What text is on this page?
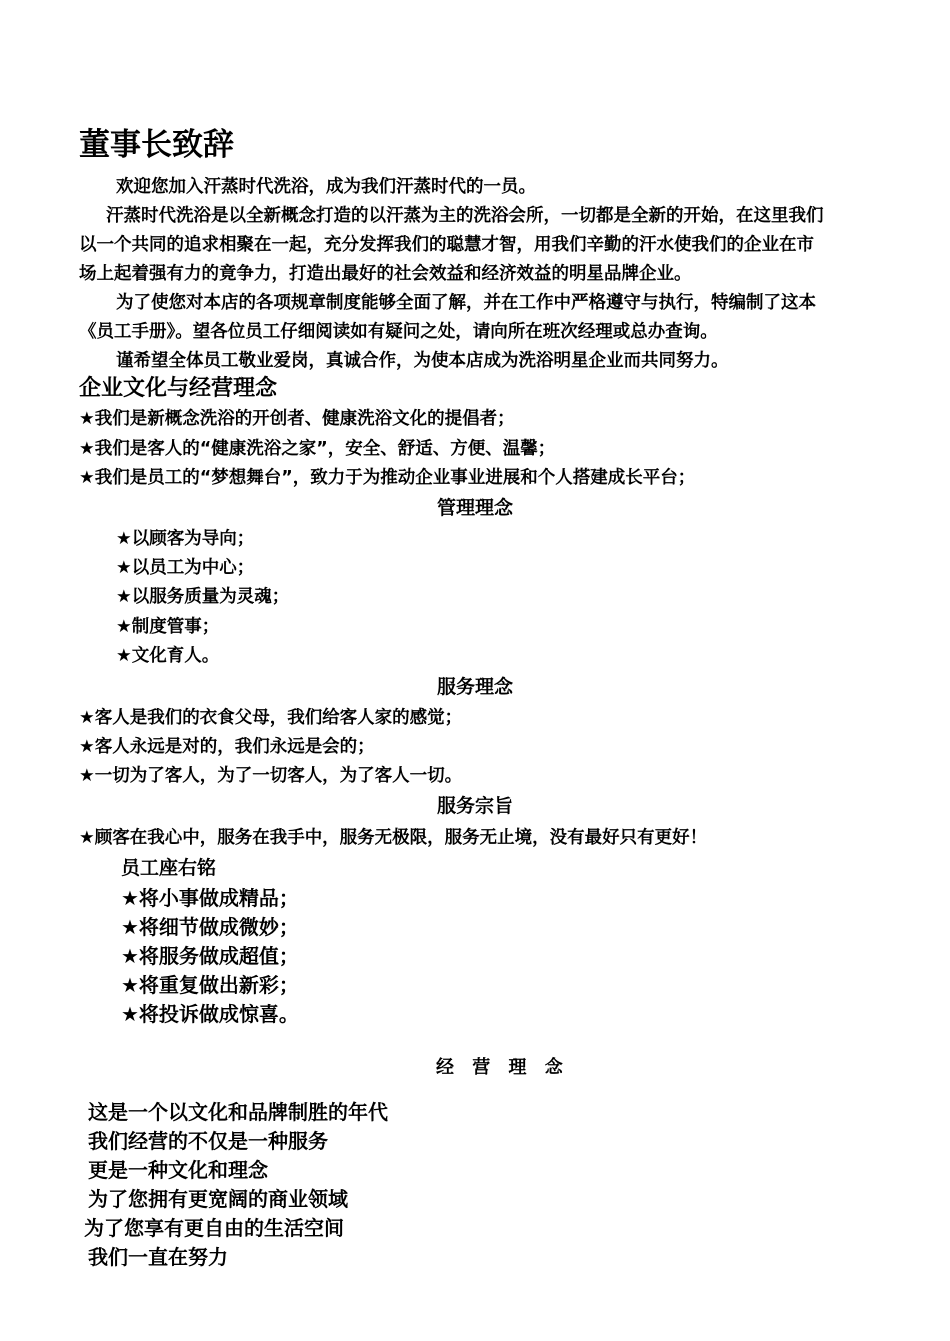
董事长致辞
欢迎您加入汗蒸时代洗浴，成为我们汗蒸时代的一员。
汗蒸时代洗浴是以全新概念打造的以汗蒸为主的洗浴会所，一切都是全新的开始，在这里我们
以一个共同的追求相聚在一起，充分发挥我们的聪慧才智，用我们辛勤的汗水使我们的企业在市
场上起着强有力的竟争力，打造出最好的社会效益和经济效益的明星品牌企业。
为了使您对本店的各项规章制度能够全面了解，并在工作中严格遵守与执行，特编制了这本
《员工手册》。望各位员工仔细阅读如有疑问之处，请向所在班次经理或总办查询。
谨希望全体员工敬业爱岗，真诚合作，为使本店成为洗浴明星企业而共同努力。
企业文化与经营理念
★我们是新概念洗浴的开创者、健康洗浴文化的提倡者；
★我们是客人的“健康洗浴之家”，安全、舒适、方便、温馨；
★我们是员工的“梦想舞台”，致力于为推动企业事业进展和个人搭建成长平台；
管理理念
★以顾客为导向；
★以员工为中心；
★以服务质量为灵魂；
★制度管事；
★文化育人。
服务理念
★客人是我们的衣食父母，我们给客人家的感觉；
★客人永远是对的，我们永远是会的；
★一切为了客人，为了一切客人，为了客人一切。
服务宗旨
★顾客在我心中，服务在我手中，服务无极限，服务无止境，没有最好只有更好！
员工座右铭
★将小事做成精品；
★将细节做成微妙；
★将服务做成超值；
★将重复做出新彩；
★将投诉做成惊喜。
经 营 理 念
这是一个以文化和品牌制胜的年代
我们经营的不仅是一种服务
更是一种文化和理念
为了您拥有更宽阔的商业领域
为了您享有更自由的生活空间
我们一直在努力
